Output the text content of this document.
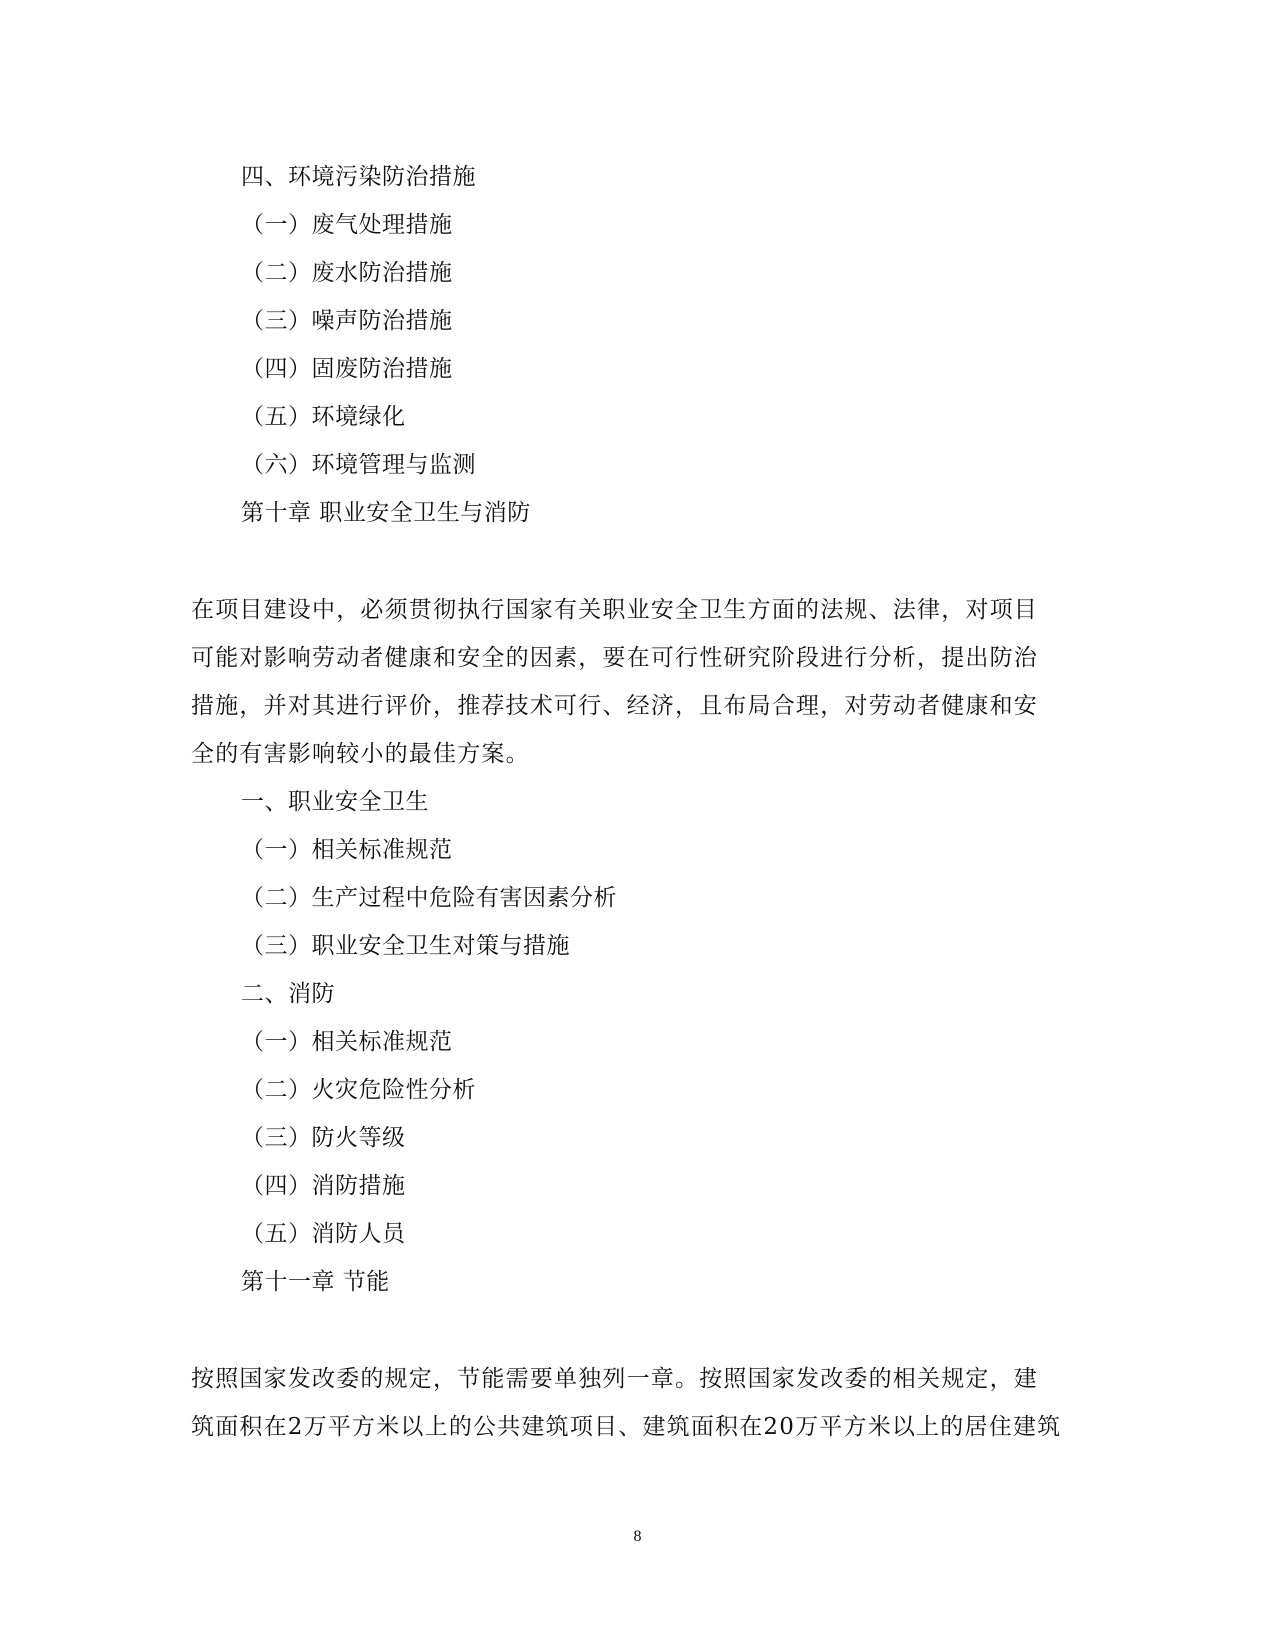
四、环境污染防治措施
（一）废气处理措施
（二）废水防治措施
（三）噪声防治措施
（四）固废防治措施
（五）环境绿化
（六）环境管理与监测
第十章 职业安全卫生与消防
在项目建设中，必须贯彻执行国家有关职业安全卫生方面的法规、法律，对项目
可能对影响劳动者健康和安全的因素，要在可行性研究阶段进行分析，提出防治
措施，并对其进行评价，推荐技术可行、经济，且布局合理，对劳动者健康和安
全的有害影响较小的最佳方案。
一、职业安全卫生
（一）相关标准规范
（二）生产过程中危险有害因素分析
（三）职业安全卫生对策与措施
二、消防
（一）相关标准规范
（二）火灾危险性分析
（三）防火等级
（四）消防措施
（五）消防人员
第十一章 节能
按照国家发改委的规定，节能需要单独列一章。按照国家发改委的相关规定，建
筑面积在2万平方米以上的公共建筑项目、建筑面积在20万平方米以上的居住建筑
8
